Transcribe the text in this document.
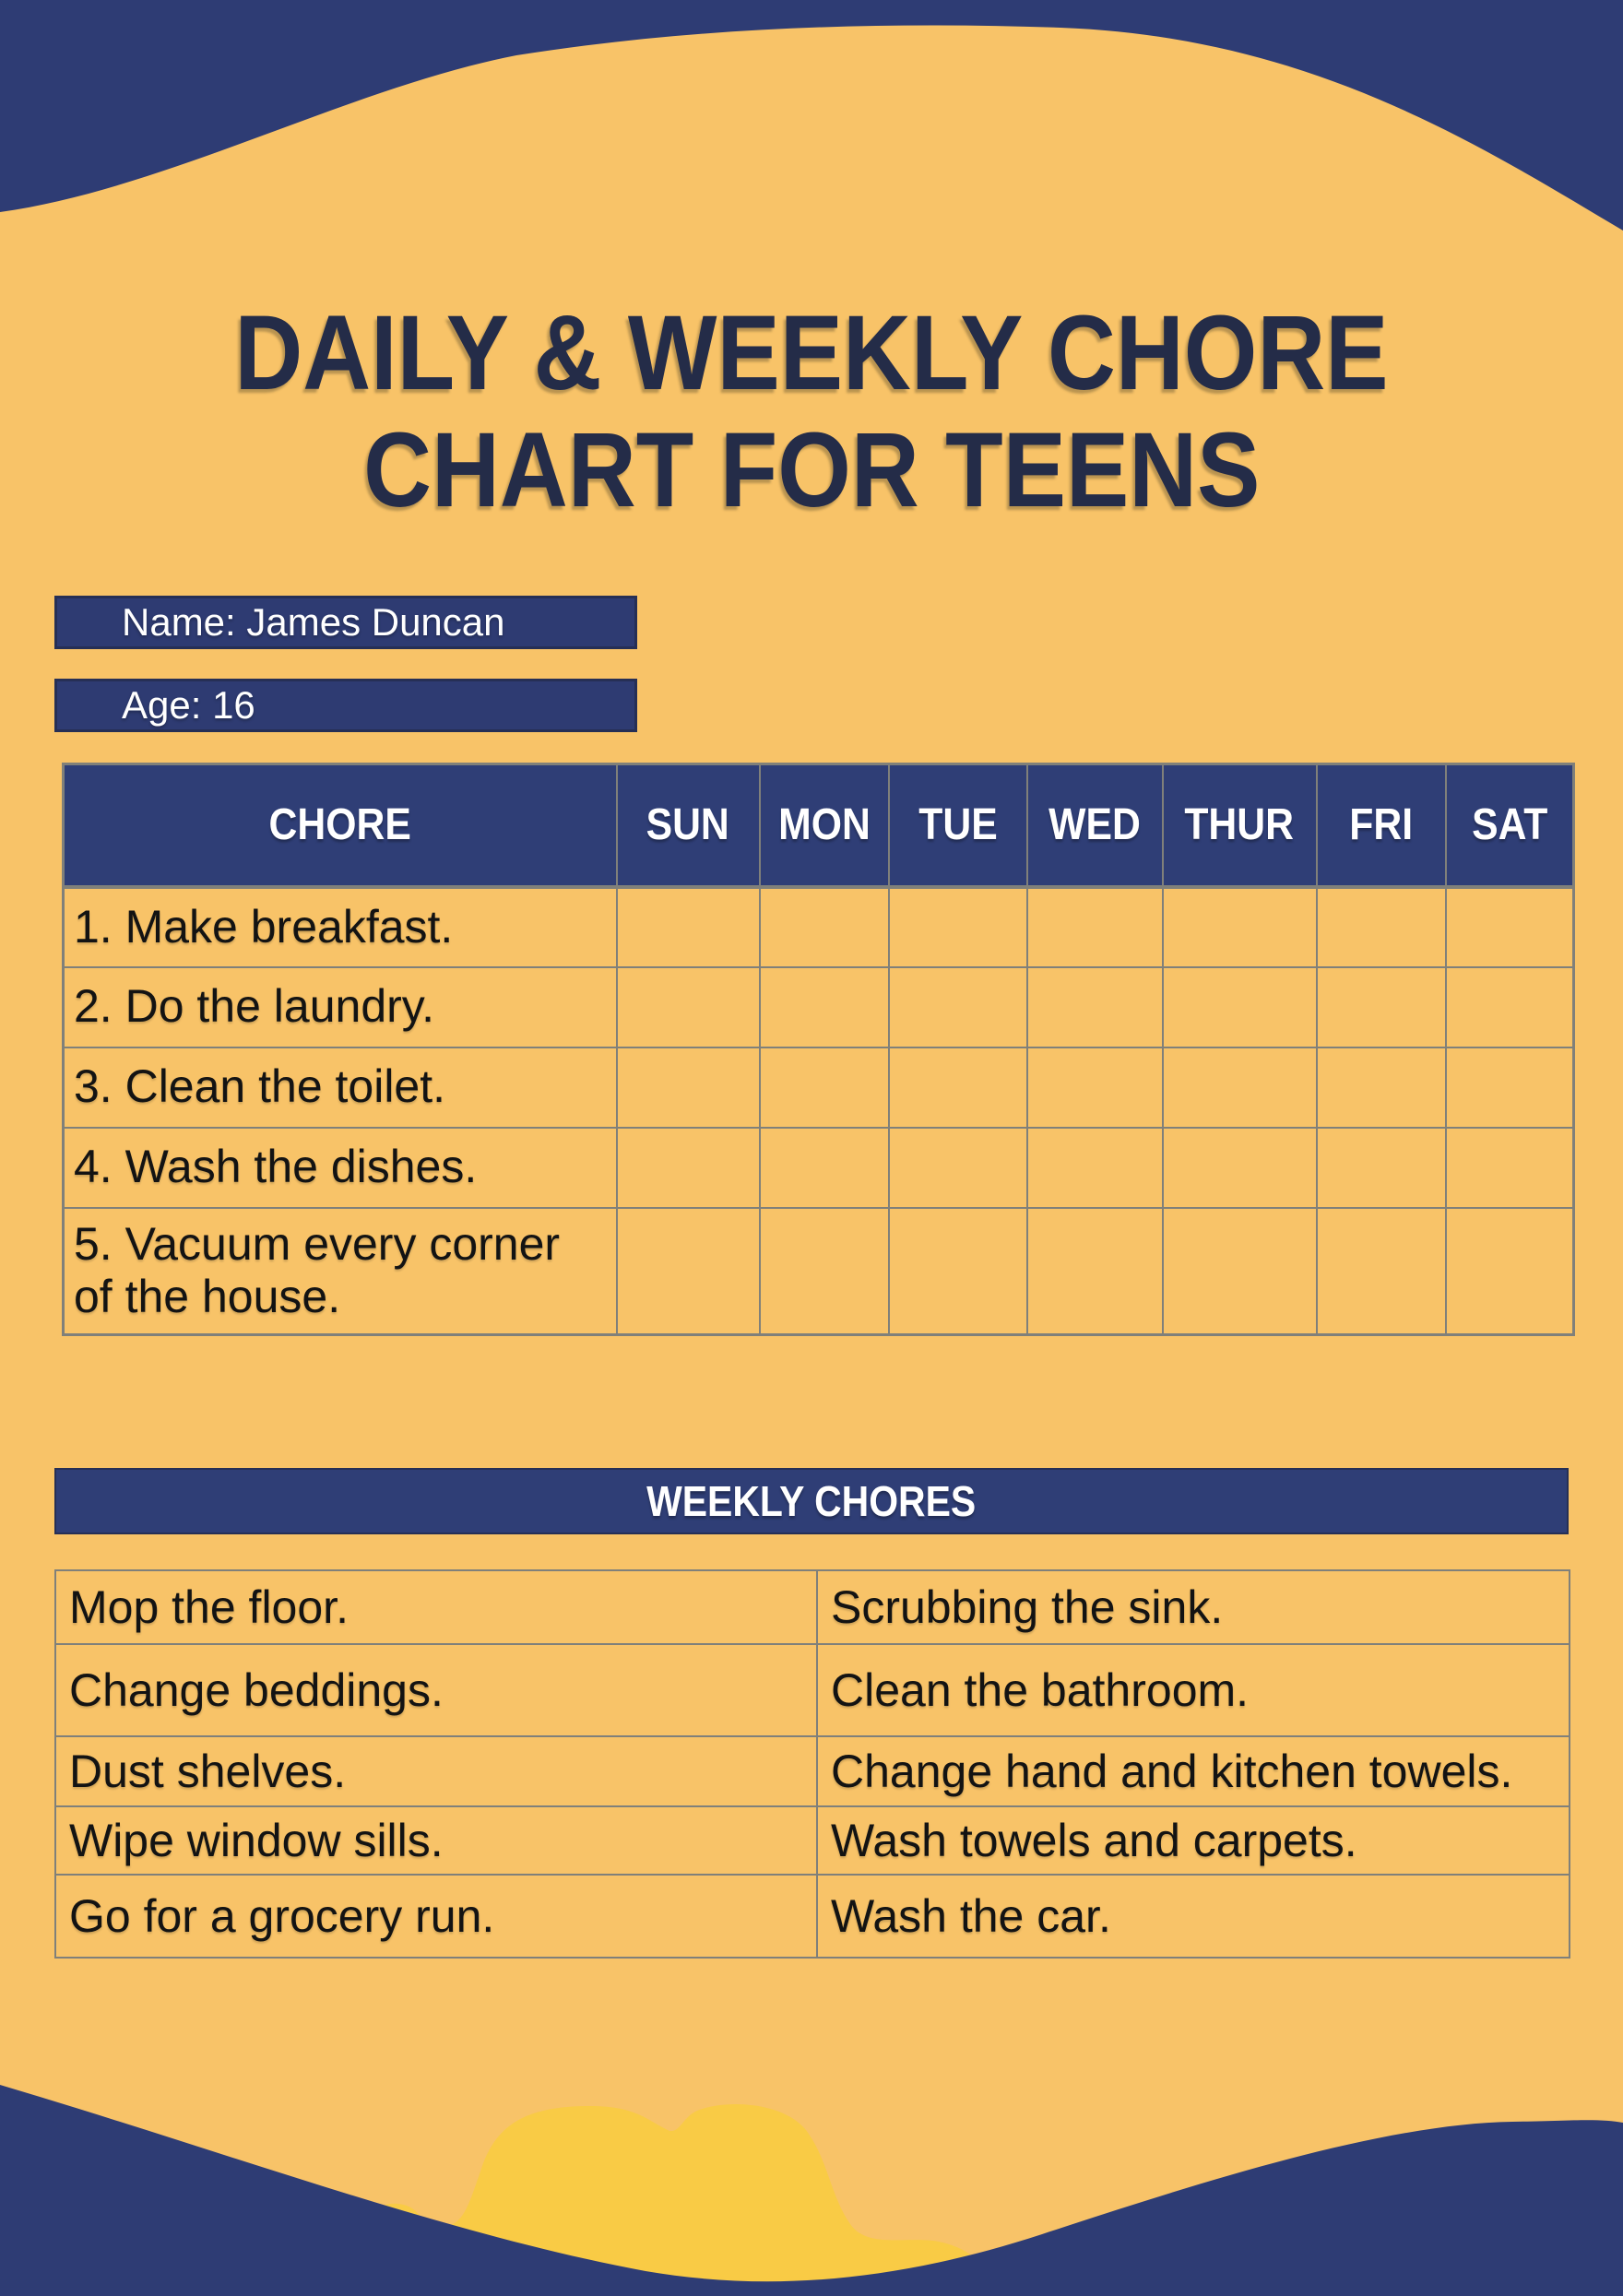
DAILY & WEEKLY CHORE
CHART FOR TEENS
Name: James Duncan
Age: 16
CHORE	SUN	MON	TUE	WED	THUR	FRI	SAT
1. Make breakfast.							
2. Do the laundry.							
3. Clean the toilet.							
4. Wash the dishes.							
5. Vacuum every corner of the house.							
WEEKLY CHORES
Mop the floor.	Scrubbing the sink.
Change beddings.	Clean the bathroom.
Dust shelves.	Change hand and kitchen towels.
Wipe window sills.	Wash towels and carpets.
Go for a grocery run.	Wash the car.
